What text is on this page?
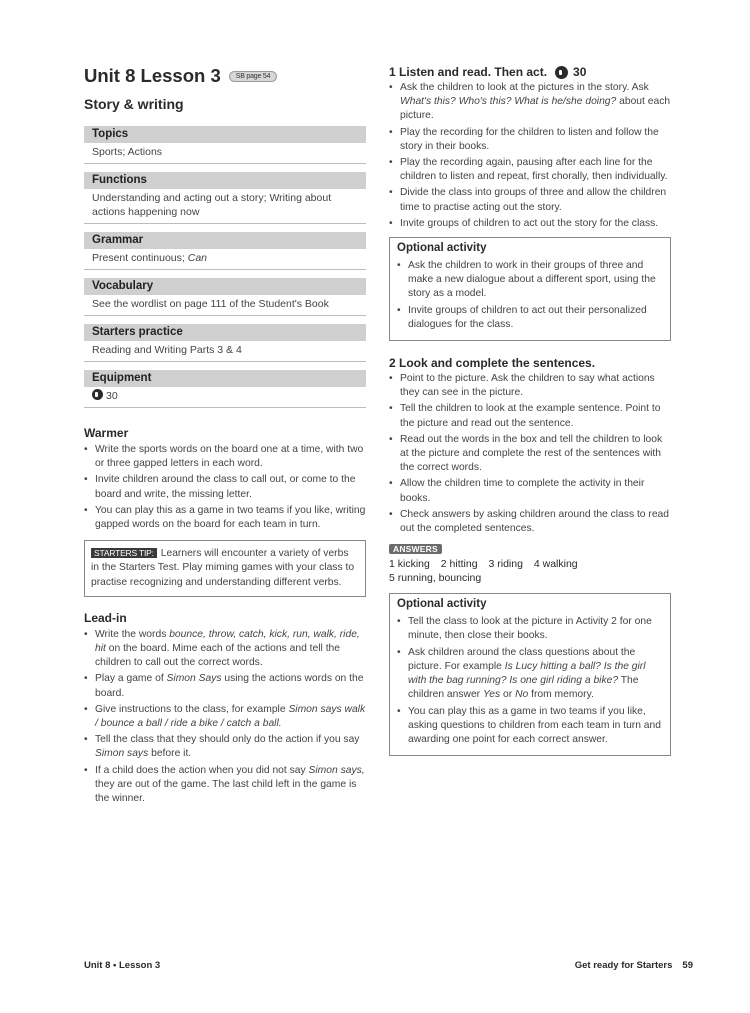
Unit 8 Lesson 3	SB page 54
Story & writing
Topics
Sports; Actions
Functions
Understanding and acting out a story; Writing about actions happening now
Grammar
Present continuous; Can
Vocabulary
See the wordlist on page 111 of the Student's Book
Starters practice
Reading and Writing Parts 3 & 4
Equipment
30
Warmer
• Write the sports words on the board one at a time, with two or three gapped letters in each word.
• Invite children around the class to call out, or come to the board and write, the missing letter.
• You can play this as a game in two teams if you like, writing gapped words on the board for each team in turn.
STARTERS TIP: Learners will encounter a variety of verbs in the Starters Test. Play miming games with your class to practise recognizing and understanding different verbs.
Lead-in
• Write the words bounce, throw, catch, kick, run, walk, ride, hit on the board. Mime each of the actions and tell the children to call out the correct words.
• Play a game of Simon Says using the actions words on the board.
• Give instructions to the class, for example Simon says walk / bounce a ball / ride a bike / catch a ball.
• Tell the class that they should only do the action if you say Simon says before it.
• If a child does the action when you did not say Simon says, they are out of the game. The last child left in the game is the winner.
1 Listen and read. Then act. 30
• Ask the children to look at the pictures in the story. Ask What's this? Who's this? What is he/she doing? about each picture.
• Play the recording for the children to listen and follow the story in their books.
• Play the recording again, pausing after each line for the children to listen and repeat, first chorally, then individually.
• Divide the class into groups of three and allow the children time to practise acting out the story.
• Invite groups of children to act out the story for the class.
Optional activity
• Ask the children to work in their groups of three and make a new dialogue about a different sport, using the story as a model.
• Invite groups of children to act out their personalized dialogues for the class.
2 Look and complete the sentences.
• Point to the picture. Ask the children to say what actions they can see in the picture.
• Tell the children to look at the example sentence. Point to the picture and read out the sentence.
• Read out the words in the box and tell the children to look at the picture and complete the rest of the sentences with the correct words.
• Allow the children time to complete the activity in their books.
• Check answers by asking children around the class to read out the completed sentences.
ANSWERS
1 kicking 2 hitting 3 riding 4 walking
5 running, bouncing
Optional activity
• Tell the class to look at the picture in Activity 2 for one minute, then close their books.
• Ask children around the class questions about the picture. For example Is Lucy hitting a ball? Is the girl with the bag running? Is one girl riding a bike? The children answer Yes or No from memory.
• You can play this as a game in two teams if you like, asking questions to children from each team in turn and awarding one point for each correct answer.
Unit 8 • Lesson 3	Get ready for Starters 59
